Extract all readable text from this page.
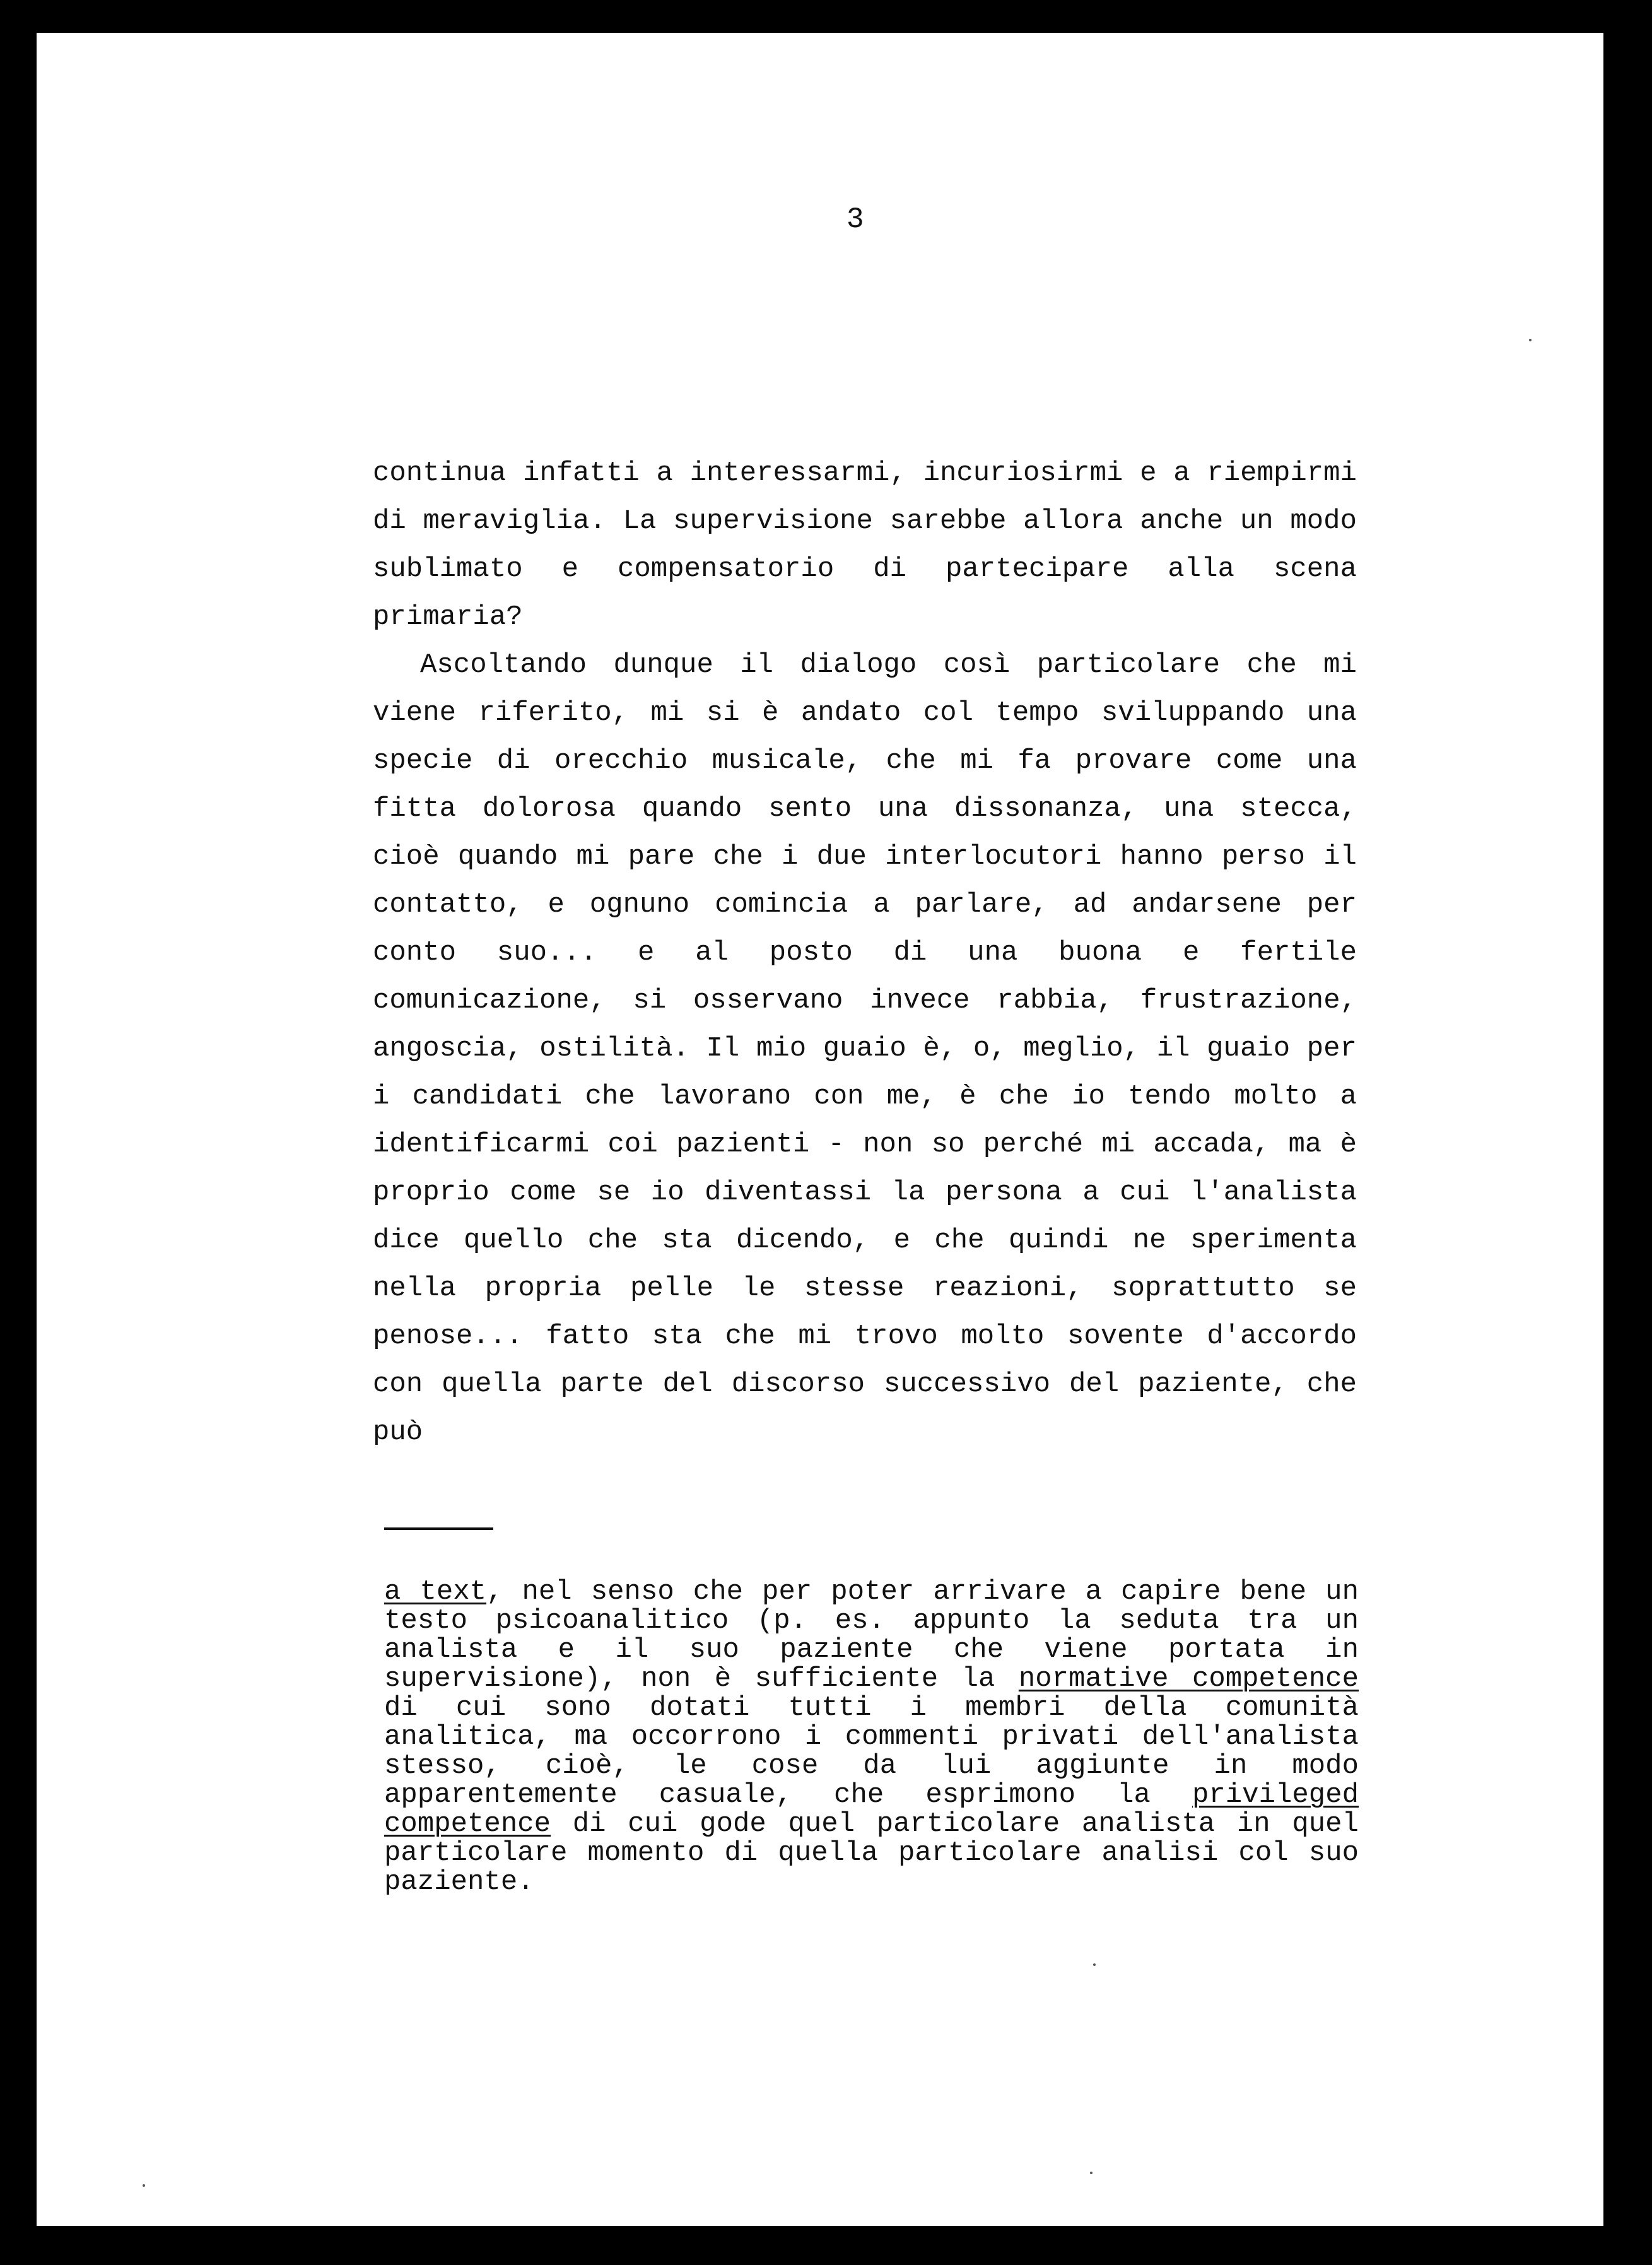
3

continua infatti a interessarmi, incuriosirmi e a riempirmi di meraviglia. La supervisione sarebbe allora anche un modo sublimato e compensatorio di partecipare alla scena primaria?

Ascoltando dunque il dialogo così particolare che mi viene riferito, mi si è andato col tempo sviluppando una specie di orecchio musicale, che mi fa provare come una fitta dolorosa quando sento una dissonanza, una stecca, cioè quando mi pare che i due interlocutori hanno perso il contatto, e ognuno comincia a parlare, ad andarsene per conto suo... e al posto di una buona e fertile comunicazione, si osservano invece rabbia, frustrazione, angoscia, ostilità. Il mio guaio è, o, meglio, il guaio per i candidati che lavorano con me, è che io tendo molto a identificarmi coi pazienti - non so perché mi accada, ma è proprio come se io diventassi la persona a cui l'analista dice quello che sta dicendo, e che quindi ne sperimenta nella propria pelle le stesse reazioni, soprattutto se penose... fatto sta che mi trovo molto sovente d'accordo con quella parte del discorso successivo del paziente, che può

a text, nel senso che per poter arrivare a capire bene un testo psicoanalitico (p. es. appunto la seduta tra un analista e il suo paziente che viene portata in supervisione), non è sufficiente la normative competence di cui sono dotati tutti i membri della comunità analitica, ma occorrono i commenti privati dell'analista stesso, cioè, le cose da lui aggiunte in modo apparentemente casuale, che esprimono la privileged competence di cui gode quel particolare analista in quel particolare momento di quella particolare analisi col suo paziente.
